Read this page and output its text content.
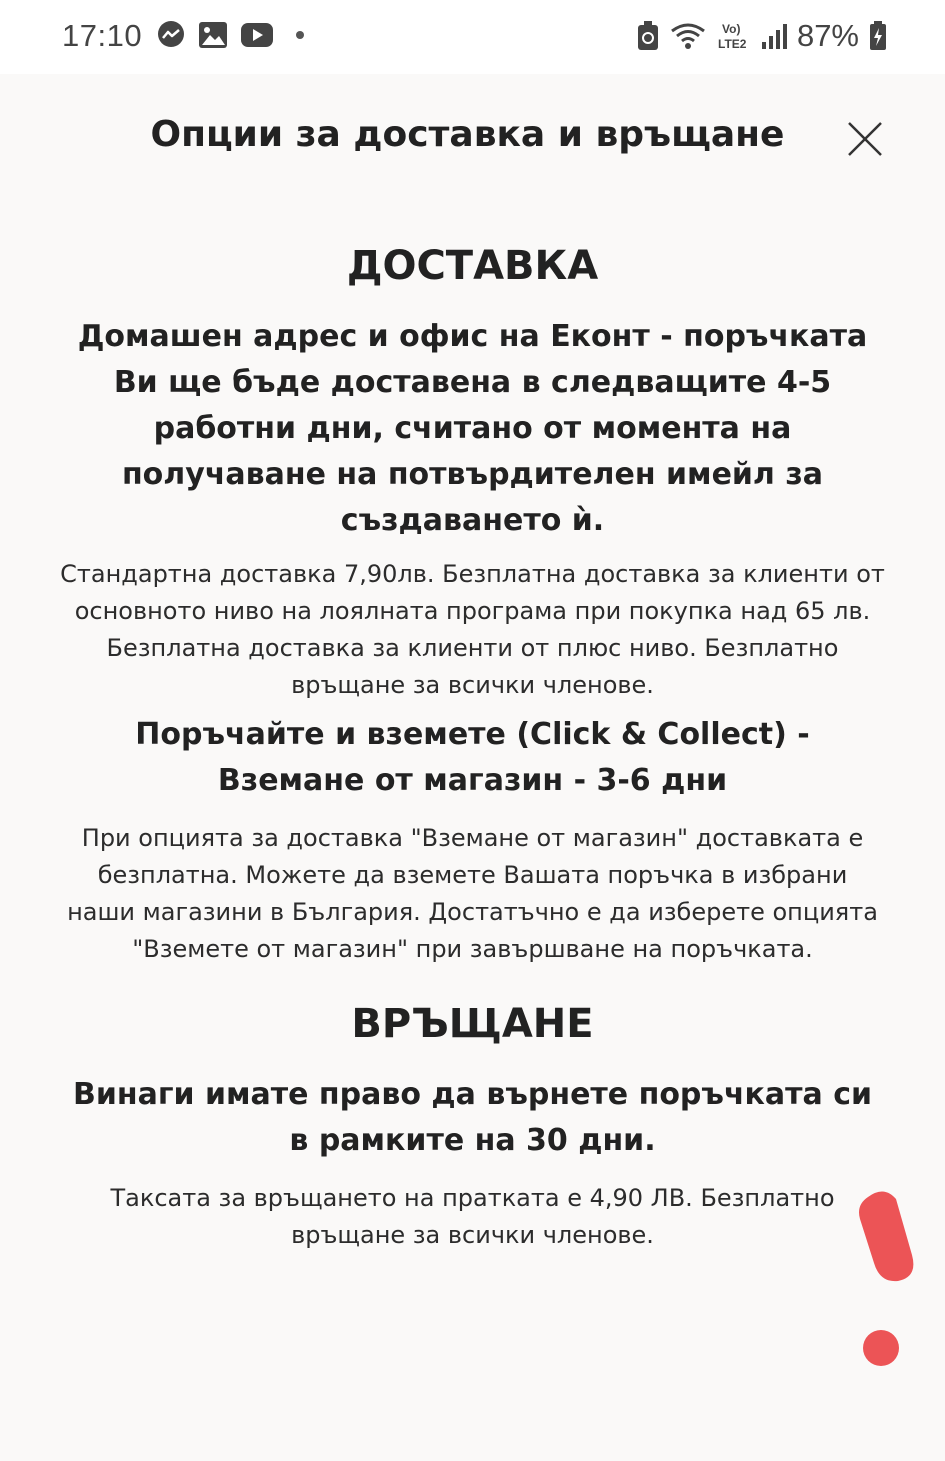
17:10	Vo)
LTE2 87%
Опции за доставка и връщане
ДОСТАВКА

Домашен адрес и офис на Еконт - поръчката Ви ще бъде доставена в следващите 4-5 работни дни, считано от момента на получаване на потвърдителен имейл за създаването ѝ.

Стандартна доставка 7,90лв. Безплатна доставка за клиенти от основното ниво на лоялната програма при покупка над 65 лв. Безплатна доставка за клиенти от плюс ниво. Безплатно връщане за всички членове.

Поръчайте и вземете (Click & Collect) - Вземане от магазин - 3-6 дни

При опцията за доставка "Вземане от магазин" доставката е безплатна. Можете да вземете Вашата поръчка в избрани наши магазини в България. Достатъчно е да изберете опцията "Вземете от магазин" при завършване на поръчката.

ВРЪЩАНЕ

Винаги имате право да върнете поръчката си в рамките на 30 дни.

Таксата за връщането на пратката е 4,90 ЛВ. Безплатно връщане за всички членове.
